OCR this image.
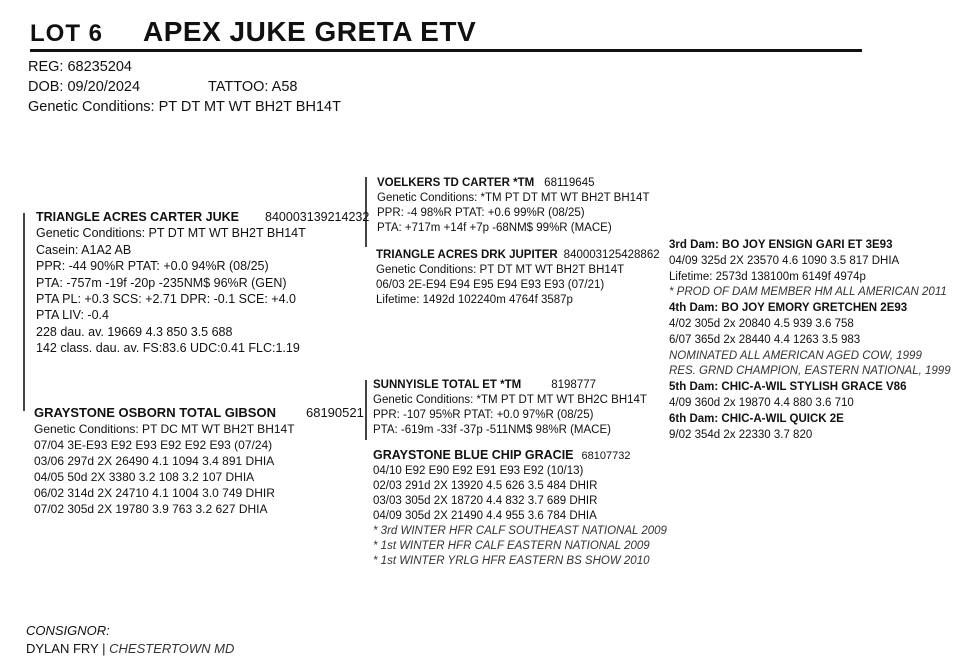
LOT 6 APEX JUKE GRETA ETV
REG: 68235204
DOB: 09/20/2024	TATTOO: A58
Genetic Conditions: PT DT MT WT BH2T BH14T
TRIANGLE ACRES CARTER JUKE 840003139214232
Genetic Conditions: PT DT MT WT BH2T BH14T
Casein: A1A2 AB
PPR: -44 90%R PTAT: +0.0 94%R (08/25)
PTA: -757m -19f -20p -235NM$ 96%R (GEN)
PTA PL: +0.3 SCS: +2.71 DPR: -0.1 SCE: +4.0
PTA LIV: -0.4
228 dau. av. 19669 4.3 850 3.5 688
142 class. dau. av. FS:83.6 UDC:0.41 FLC:1.19
VOELKERS TD CARTER *TM 68119645
Genetic Conditions: *TM PT DT MT WT BH2T BH14T
PPR: -4 98%R PTAT: +0.6 99%R (08/25)
PTA: +717m +14f +7p -68NM$ 99%R (MACE)
TRIANGLE ACRES DRK JUPITER 840003125428862
Genetic Conditions: PT DT MT WT BH2T BH14T
06/03 2E-E94 E94 E95 E94 E93 E93 (07/21)
Lifetime: 1492d 102240m 4764f 3587p
GRAYSTONE OSBORN TOTAL GIBSON 68190521
Genetic Conditions: PT DC MT WT BH2T BH14T
07/04 3E-E93 E92 E93 E92 E92 E93 (07/24)
03/06 297d 2X 26490 4.1 1094 3.4 891 DHIA
04/05 50d 2X 3380 3.2 108 3.2 107 DHIA
06/02 314d 2X 24710 4.1 1004 3.0 749 DHIR
07/02 305d 2X 19780 3.9 763 3.2 627 DHIA
SUNNYISLE TOTAL ET *TM	8198777
Genetic Conditions: *TM PT DT MT WT BH2C BH14T
PPR: -107 95%R PTAT: +0.0 97%R (08/25)
PTA: -619m -33f -37p -511NM$ 98%R (MACE)
GRAYSTONE BLUE CHIP GRACIE 68107732
04/10 E92 E90 E92 E91 E93 E92 (10/13)
02/03 291d 2X 13920 4.5 626 3.5 484 DHIR
03/03 305d 2X 18720 4.4 832 3.7 689 DHIR
04/09 305d 2X 21490 4.4 955 3.6 784 DHIA
* 3rd WINTER HFR CALF SOUTHEAST NATIONAL 2009
* 1st WINTER HFR CALF EASTERN NATIONAL 2009
* 1st WINTER YRLG HFR EASTERN BS SHOW 2010
3rd Dam: BO JOY ENSIGN GARI ET 3E93
04/09 325d 2X 23570 4.6 1090 3.5 817 DHIA
Lifetime: 2573d 138100m 6149f 4974p
* PROD OF DAM MEMBER HM ALL AMERICAN 2011
4th Dam: BO JOY EMORY GRETCHEN 2E93
4/02 305d 2x 20840 4.5 939 3.6 758
6/07 365d 2x 28440 4.4 1263 3.5 983
NOMINATED ALL AMERICAN AGED COW, 1999
RES. GRND CHAMPION, EASTERN NATIONAL, 1999
5th Dam: CHIC-A-WIL STYLISH GRACE V86
4/09 360d 2x 19870 4.4 880 3.6 710
6th Dam: CHIC-A-WIL QUICK 2E
9/02 354d 2x 22330 3.7 820
CONSIGNOR:
DYLAN FRY | CHESTERTOWN MD
